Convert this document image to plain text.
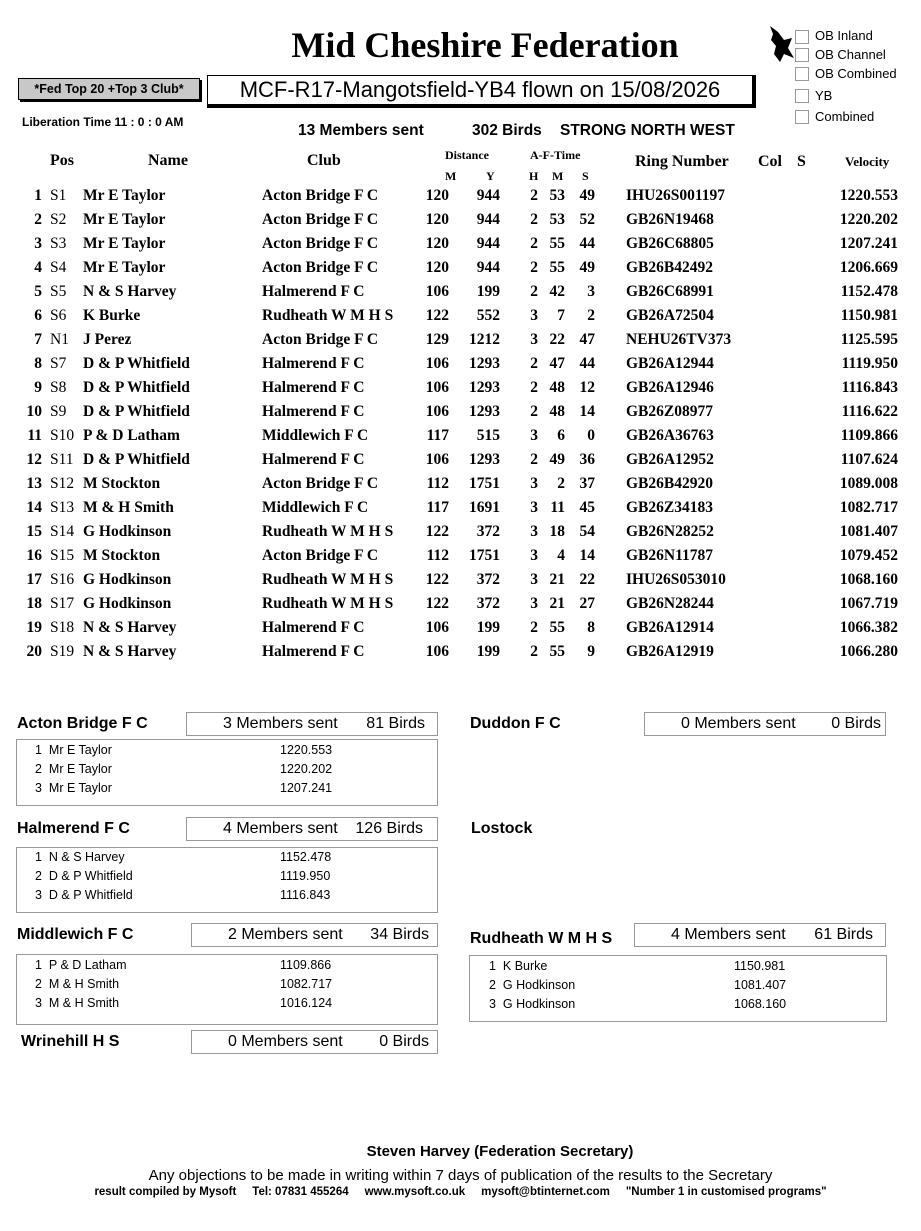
Mid Cheshire Federation	OB Inland
OB Channel
OB Combined
YB
Combined
*Fed Top 20 +Top 3 Club*	MCF-R17-Mangotsfield-YB4 flown on 15/08/2026
Liberation Time 11 : 0 : 0 AM	13 Members sent	302 Birds STRONG NORTH WEST
Pos	Name	Club	Distance
M Y
A-F-Time
H M S
Ring Number Col S	Velocity
1 S1 Mr E Taylor	Acton Bridge F C	120	944 2 53 49 IHU26S001197	1220.553
2 S2 Mr E Taylor	Acton Bridge F C	120	944 2 53 52 GB26N19468	1220.202
3 S3 Mr E Taylor	Acton Bridge F C	120	944 2 55 44 GB26C68805	1207.241
4 S4 Mr E Taylor	Acton Bridge F C	120	944 2 55 49 GB26B42492	1206.669
5 S5 N & S Harvey	Halmerend F C	106	199 2 42	3 GB26C68991	1152.478
6 S6 K Burke	Rudheath W M H S	122	552 3	7	2 GB26A72504	1150.981
7 N1 J Perez	Acton Bridge F C	129	1212 3 22 47 NEHU26TV373	1125.595
8 S7 D & P Whitfield	Halmerend F C	106	1293 2 47 44 GB26A12944	1119.950
9 S8 D & P Whitfield	Halmerend F C	106	1293 2 48 12 GB26A12946	1116.843
10 S9 D & P Whitfield	Halmerend F C	106	1293 2 48 14 GB26Z08977	1116.622
11 S10 P & D Latham	Middlewich F C	117	515 3	6	0 GB26A36763	1109.866
12 S11 D & P Whitfield	Halmerend F C	106	1293 2 49 36 GB26A12952	1107.624
13 S12 M Stockton	Acton Bridge F C	112	1751 3	2 37 GB26B42920	1089.008
14 S13 M & H Smith	Middlewich F C	117	1691 3 11 45 GB26Z34183	1082.717
15 S14 G Hodkinson	Rudheath W M H S	122	372 3 18 54 GB26N28252	1081.407
16 S15 M Stockton	Acton Bridge F C	112	1751 3	4 14 GB26N11787	1079.452
17 S16 G Hodkinson	Rudheath W M H S	122	372 3 21 22 IHU26S053010	1068.160
18 S17 G Hodkinson	Rudheath W M H S	122	372 3 21 27 GB26N28244	1067.719
19 S18 N & S Harvey	Halmerend F C	106	199 2 55	8 GB26A12914	1066.382
20 S19 N & S Harvey	Halmerend F C	106	199 2 55	9 GB26A12919	1066.280
Acton Bridge F C	3 Members sent 81 Birds
1 Mr E Taylor	1220.553
2 Mr E Taylor	1220.202
3 Mr E Taylor	1207.241
Duddon F C	0 Members sent 0 Birds
Halmerend F C	4 Members sent 126 Birds
1 N & S Harvey	1152.478
2 D & P Whitfield	1119.950
3 D & P Whitfield	1116.843
Lostock
Middlewich F C	2 Members sent 34 Birds
1 P & D Latham	1109.866
2 M & H Smith	1082.717
3 M & H Smith	1016.124
Rudheath W M H S	4 Members sent 61 Birds
1 K Burke	1150.981
2 G Hodkinson	1081.407
3 G Hodkinson	1068.160
Wrinehill H S	0 Members sent 0 Birds
Steven Harvey (Federation Secretary)
Any objections to be made in writing within 7 days of publication of the results to the Secretary
result compiled by Mysoft     Tel: 07831 455264     www.mysoft.co.uk     mysoft@btinternet.com     "Number 1 in customised programs"
